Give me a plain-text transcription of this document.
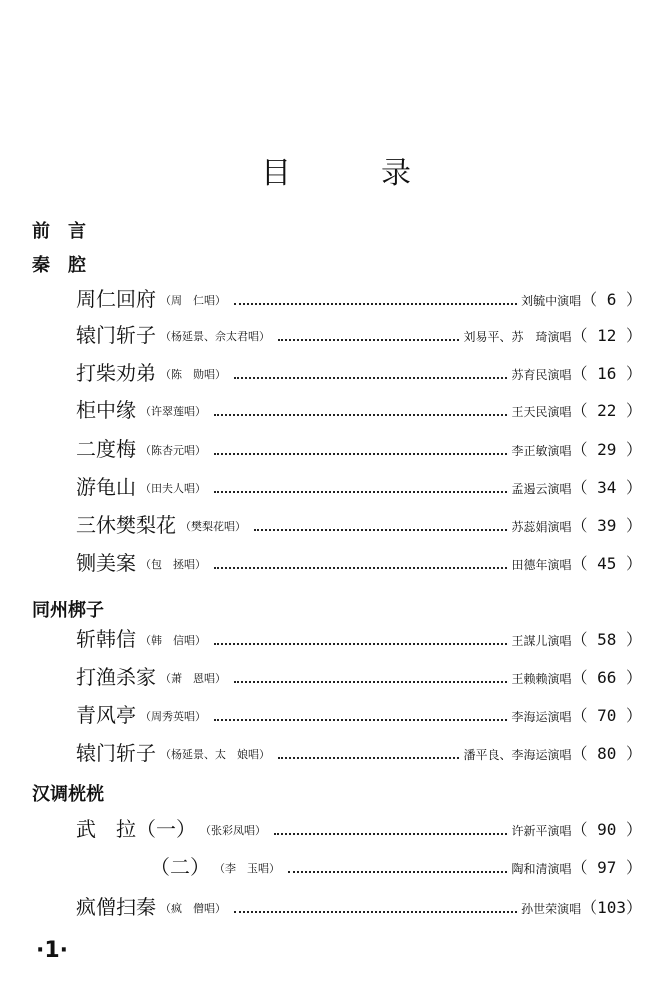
目录
前言
秦腔
周仁回府 （周　仁唱）	刘毓中演唱 （ 6 ）
辕门斩子 （杨延景、佘太君唱）	刘易平、苏　琦演唱 （ 12 ）
打柴劝弟 （陈　勋唱）	苏育民演唱 （ 16 ）
柜中缘 （许翠莲唱）	王天民演唱 （ 22 ）
二度梅 （陈杏元唱）	李正敏演唱 （ 29 ）
游龟山 （田夫人唱）	孟遏云演唱 （ 34 ）
三休樊梨花 （樊梨花唱）	苏蕊娟演唱 （ 39 ）
铡美案 （包　拯唱）	田德年演唱 （ 45 ）
同州梆子
斩韩信 （韩　信唱）	王謀儿演唱 （ 58 ）
打渔杀家 （萧　恩唱）	王赖赖演唱 （ 66 ）
青风亭 （周秀英唱）	李海运演唱 （ 70 ）
辕门斩子 （杨延景、太　娘唱）	潘平良、李海运演唱 （ 80 ）
汉调桄桄
武　拉（一） （张彩凤唱）	许新平演唱 （ 90 ）
（二） （李　玉唱）	陶和清演唱 （ 97 ）
疯僧扫秦 （疯　僧唱）	孙世荣演唱 （103）
·1·
